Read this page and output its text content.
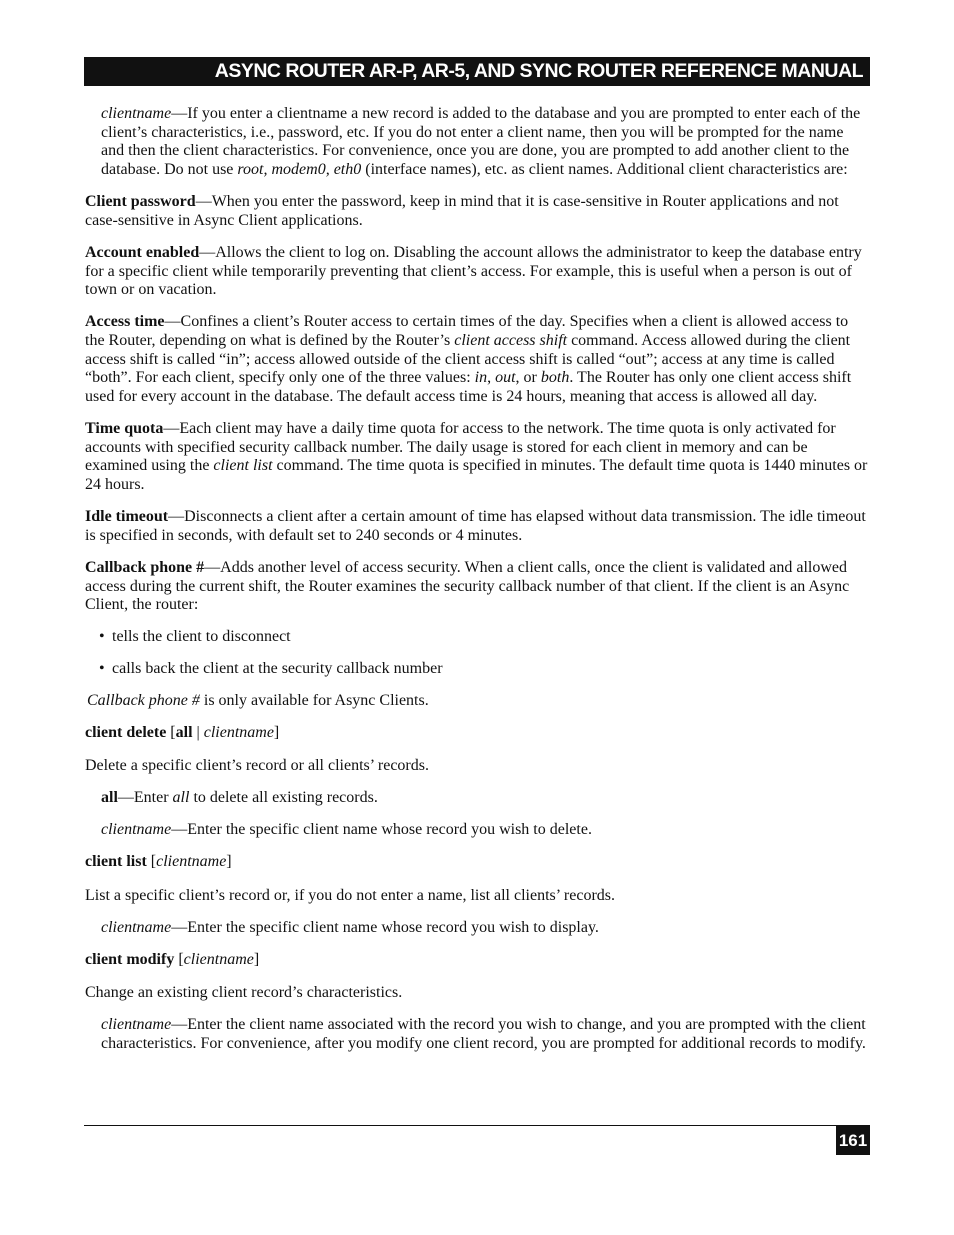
ASYNC ROUTER AR-P, AR-5, AND SYNC ROUTER REFERENCE MANUAL

clientname—If you enter a clientname a new record is added to the database and you are prompted to enter each of the client’s characteristics, i.e., password, etc. If you do not enter a client name, then you will be prompted for the name and then the client characteristics. For convenience, once you are done, you are prompted to add another client to the database. Do not use root, modem0, eth0 (interface names), etc. as client names. Additional client characteristics are:

Client password—When you enter the password, keep in mind that it is case-sensitive in Router applications and not case-sensitive in Async Client applications.

Account enabled—Allows the client to log on. Disabling the account allows the administrator to keep the database entry for a specific client while temporarily preventing that client’s access. For example, this is useful when a person is out of town or on vacation.

Access time—Confines a client’s Router access to certain times of the day. Specifies when a client is allowed access to the Router, depending on what is defined by the Router’s client access shift command. Access allowed during the client access shift is called “in”; access allowed outside of the client access shift is called “out”; access at any time is called “both”. For each client, specify only one of the three values: in, out, or both. The Router has only one client access shift used for every account in the database. The default access time is 24 hours, meaning that access is allowed all day.

Time quota—Each client may have a daily time quota for access to the network. The time quota is only activated for accounts with specified security callback number. The daily usage is stored for each client in memory and can be examined using the client list command. The time quota is specified in minutes. The default time quota is 1440 minutes or 24 hours.

Idle timeout—Disconnects a client after a certain amount of time has elapsed without data transmission. The idle timeout is specified in seconds, with default set to 240 seconds or 4 minutes.

Callback phone #—Adds another level of access security. When a client calls, once the client is validated and allowed access during the current shift, the Router examines the security callback number of that client. If the client is an Async Client, the router:

• tells the client to disconnect

• calls back the client at the security callback number

Callback phone # is only available for Async Clients.

client delete [all | clientname]

Delete a specific client’s record or all clients’ records.

all—Enter all to delete all existing records.

clientname—Enter the specific client name whose record you wish to delete.

client list [clientname]

List a specific client’s record or, if you do not enter a name, list all clients’ records.

clientname—Enter the specific client name whose record you wish to display.

client modify [clientname]

Change an existing client record’s characteristics.

clientname—Enter the client name associated with the record you wish to change, and you are prompted with the client characteristics. For convenience, after you modify one client record, you are prompted for additional records to modify.

161
